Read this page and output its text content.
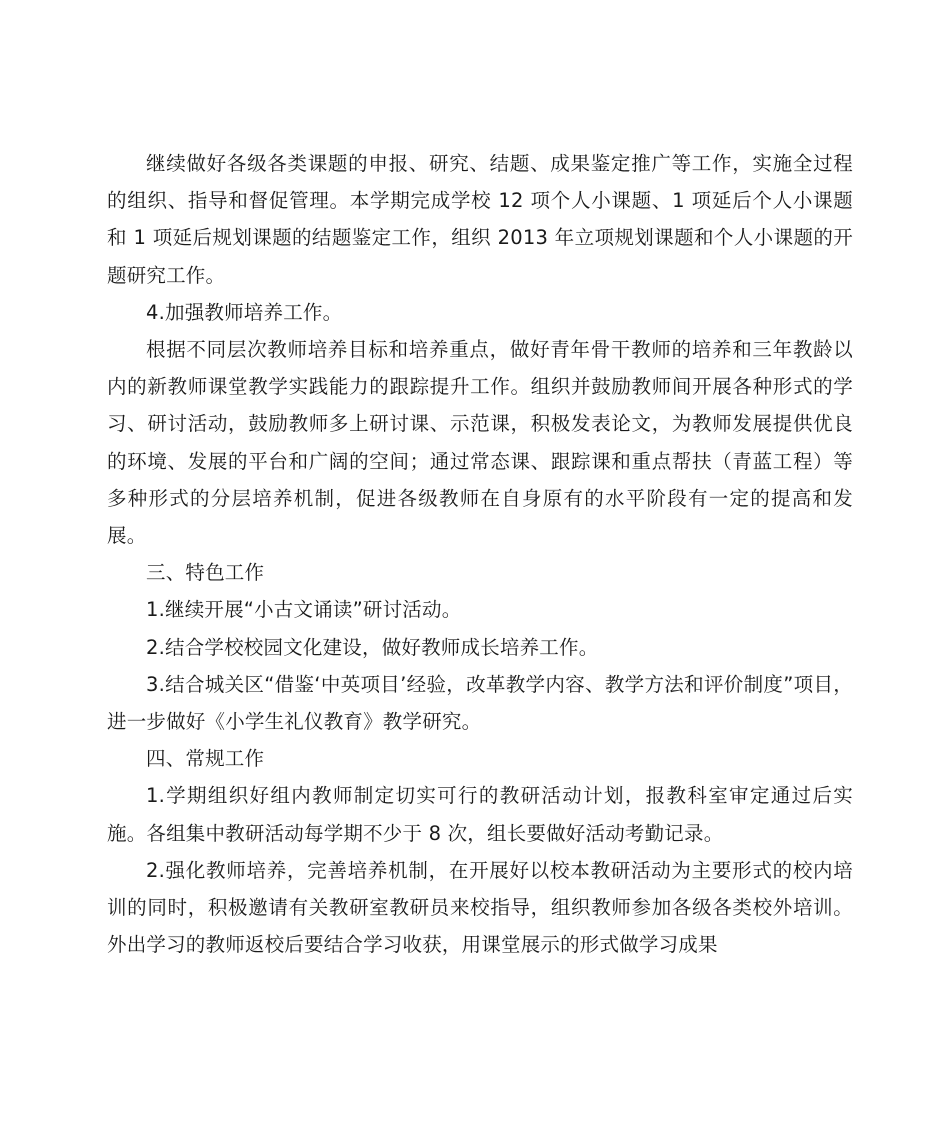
继续做好各级各类课题的申报、研究、结题、成果鉴定推广等工作，实施全过程的组织、指导和督促管理。本学期完成学校 12 项个人小课题、1 项延后个人小课题和 1 项延后规划课题的结题鉴定工作，组织 2013 年立项规划课题和个人小课题的开题研究工作。

4.加强教师培养工作。

根据不同层次教师培养目标和培养重点，做好青年骨干教师的培养和三年教龄以内的新教师课堂教学实践能力的跟踪提升工作。组织并鼓励教师间开展各种形式的学习、研讨活动，鼓励教师多上研讨课、示范课，积极发表论文，为教师发展提供优良的环境、发展的平台和广阔的空间；通过常态课、跟踪课和重点帮扶（青蓝工程）等多种形式的分层培养机制，促进各级教师在自身原有的水平阶段有一定的提高和发展。

三、特色工作

1.继续开展“小古文诵读”研讨活动。

2.结合学校校园文化建设，做好教师成长培养工作。

3.结合城关区“借鉴‘中英项目’经验，改革教学内容、教学方法和评价制度”项目，进一步做好《小学生礼仪教育》教学研究。

四、常规工作

1.学期组织好组内教师制定切实可行的教研活动计划，报教科室审定通过后实施。各组集中教研活动每学期不少于 8 次，组长要做好活动考勤记录。

2.强化教师培养，完善培养机制，在开展好以校本教研活动为主要形式的校内培训的同时，积极邀请有关教研室教研员来校指导，组织教师参加各级各类校外培训。外出学习的教师返校后要结合学习收获，用课堂展示的形式做学习成果
